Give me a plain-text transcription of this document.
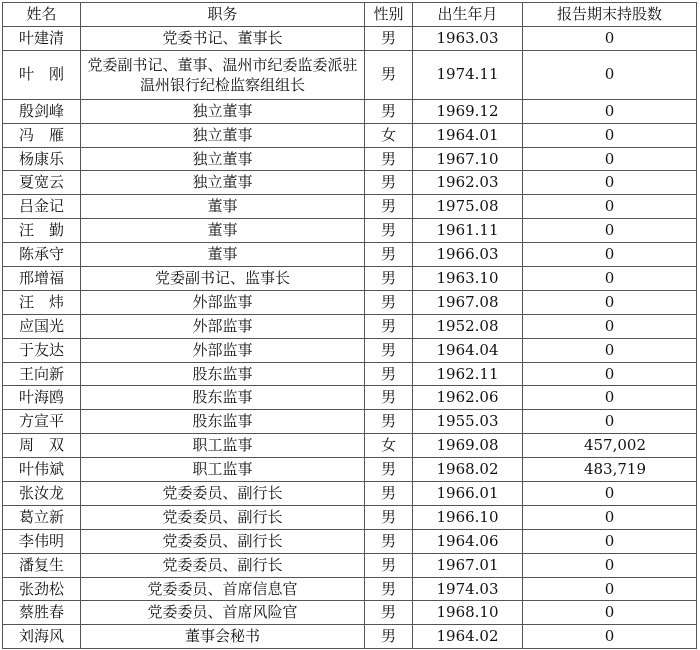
姓名	职务	性别	出生年月	报告期末持股数
叶建清	党委书记、董事长	男	1963.03	0
叶　刚	党委副书记、董事、温州市纪委监委派驻温州银行纪检监察组组长	男	1974.11	0
殷剑峰	独立董事	男	1969.12	0
冯　雁	独立董事	女	1964.01	0
杨康乐	独立董事	男	1967.10	0
夏宽云	独立董事	男	1962.03	0
吕金记	董事	男	1975.08	0
汪　勤	董事	男	1961.11	0
陈承守	董事	男	1966.03	0
邢增福	党委副书记、监事长	男	1963.10	0
汪　炜	外部监事	男	1967.08	0
应国光	外部监事	男	1952.08	0
于友达	外部监事	男	1964.04	0
王向新	股东监事	男	1962.11	0
叶海鸥	股东监事	男	1962.06	0
方宣平	股东监事	男	1955.03	0
周　双	职工监事	女	1969.08	457,002
叶伟斌	职工监事	男	1968.02	483,719
张汝龙	党委委员、副行长	男	1966.01	0
葛立新	党委委员、副行长	男	1966.10	0
李伟明	党委委员、副行长	男	1964.06	0
潘复生	党委委员、副行长	男	1967.01	0
张劲松	党委委员、首席信息官	男	1974.03	0
蔡胜春	党委委员、首席风险官	男	1968.10	0
刘海风	董事会秘书	男	1964.02	0
